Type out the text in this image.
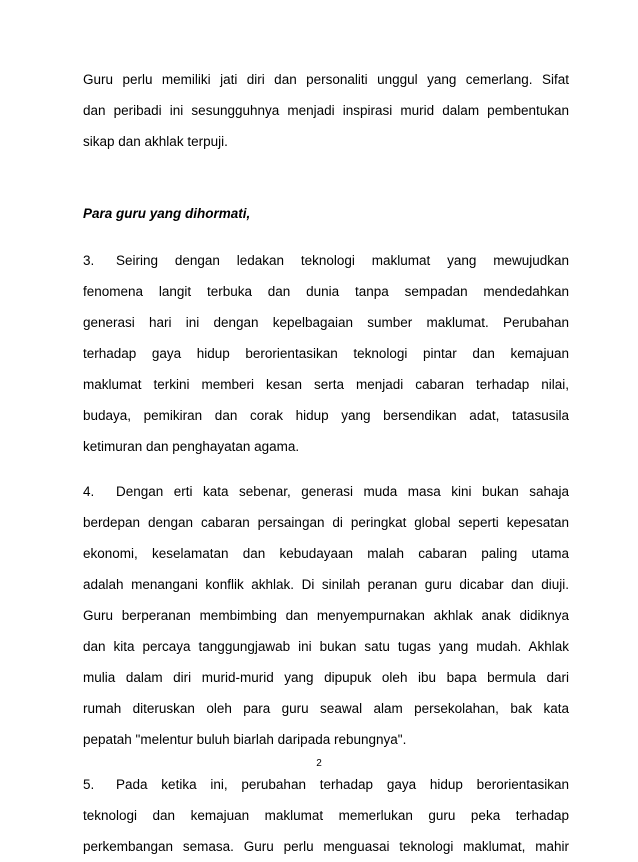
Guru perlu memiliki jati diri dan personaliti unggul yang cemerlang. Sifat
dan peribadi ini sesungguhnya menjadi inspirasi murid dalam pembentukan
sikap dan akhlak terpuji.

Para guru yang dihormati,

3. Seiring dengan ledakan teknologi maklumat yang mewujudkan
fenomena langit terbuka dan dunia tanpa sempadan mendedahkan
generasi hari ini dengan kepelbagaian sumber maklumat. Perubahan
terhadap gaya hidup berorientasikan teknologi pintar dan kemajuan
maklumat terkini memberi kesan serta menjadi cabaran terhadap nilai,
budaya, pemikiran dan corak hidup yang bersendikan adat, tatasusila
ketimuran dan penghayatan agama.

4. Dengan erti kata sebenar, generasi muda masa kini bukan sahaja
berdepan dengan cabaran persaingan di peringkat global seperti kepesatan
ekonomi, keselamatan dan kebudayaan malah cabaran paling utama
adalah menangani konflik akhlak. Di sinilah peranan guru dicabar dan diuji.
Guru berperanan membimbing dan menyempurnakan akhlak anak didiknya
dan kita percaya tanggungjawab ini bukan satu tugas yang mudah. Akhlak
mulia dalam diri murid-murid yang dipupuk oleh ibu bapa bermula dari
rumah diteruskan oleh para guru seawal alam persekolahan, bak kata
pepatah "melentur buluh biarlah daripada rebungnya".

5. Pada ketika ini, perubahan terhadap gaya hidup berorientasikan
teknologi dan kemajuan maklumat memerlukan guru peka terhadap
perkembangan semasa. Guru perlu menguasai teknologi maklumat, mahir

2
